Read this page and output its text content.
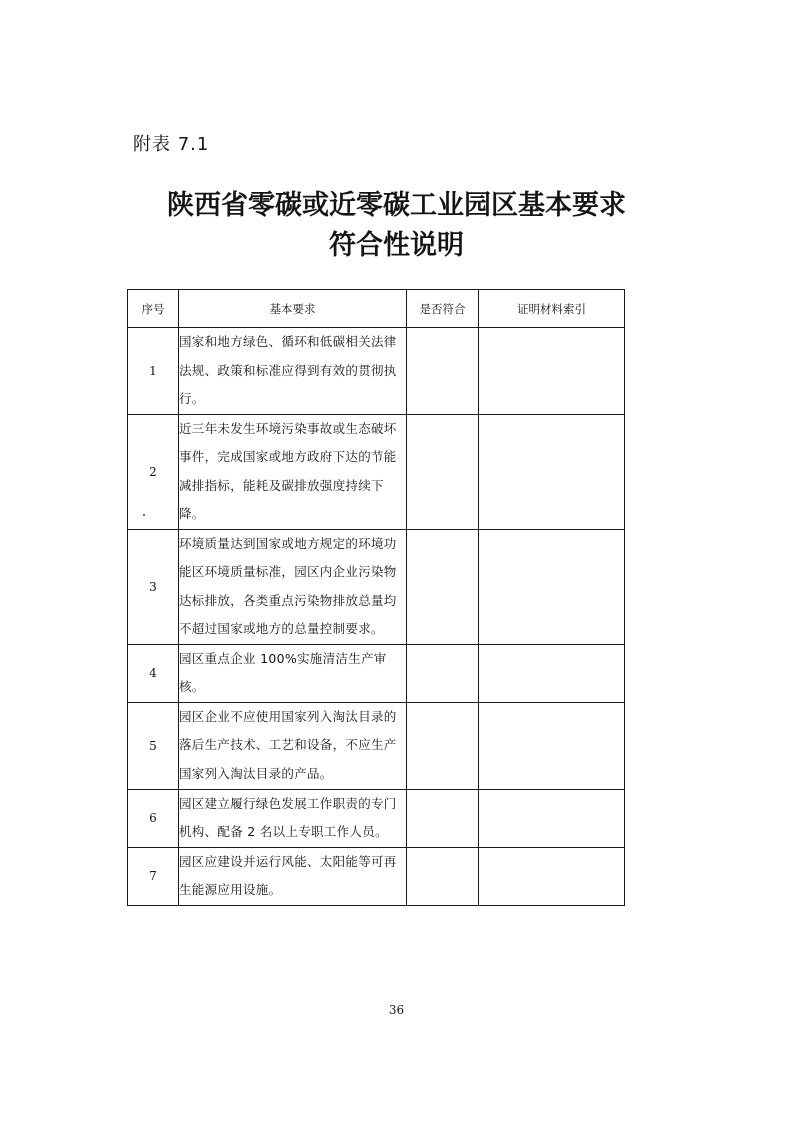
附表 7.1
陕西省零碳或近零碳工业园区基本要求
符合性说明
序号	基本要求	是否符合	证明材料索引
1	国家和地方绿色、循环和低碳相关法律法规、政策和标准应得到有效的贯彻执行。		
2	近三年未发生环境污染事故或生态破坏事件，完成国家或地方政府下达的节能减排指标，能耗及碳排放强度持续下降。		
3	环境质量达到国家或地方规定的环境功能区环境质量标准，园区内企业污染物达标排放，各类重点污染物排放总量均不超过国家或地方的总量控制要求。		
4	园区重点企业 100%实施清洁生产审核。		
5	园区企业不应使用国家列入淘汰目录的落后生产技术、工艺和设备，不应生产国家列入淘汰目录的产品。		
6	园区建立履行绿色发展工作职责的专门机构、配备 2 名以上专职工作人员。		
7	园区应建设并运行风能、太阳能等可再生能源应用设施。		
36
